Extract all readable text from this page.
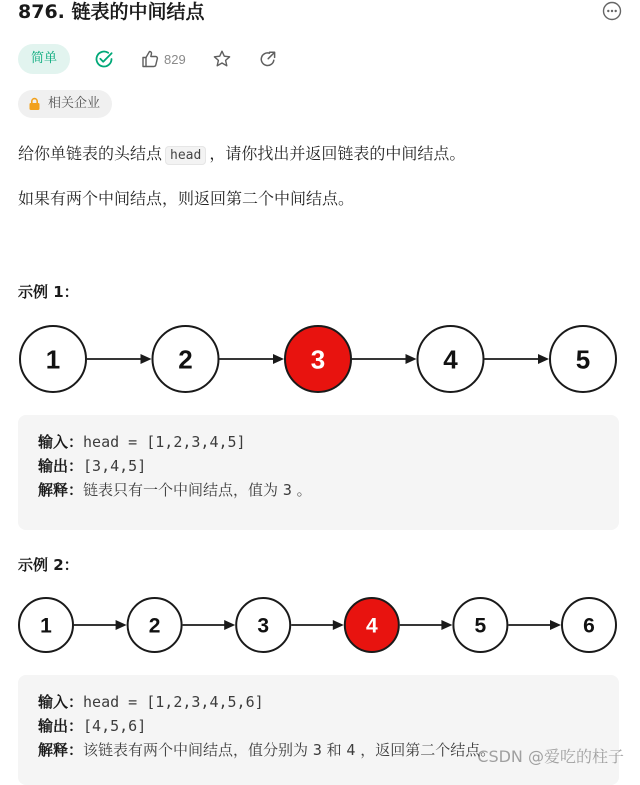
876. 链表的中间结点
简单	829
相关企业
给你单链表的头结点 head ，请你找出并返回链表的中间结点。
如果有两个中间结点，则返回第二个中间结点。
示例 1：
1	2	3	4	5
输入：head = [1,2,3,4,5]
输出：[3,4,5]
解释：链表只有一个中间结点，值为 3 。
示例 2：
1	2	3	4	5	6
输入：head = [1,2,3,4,5,6]
输出：[4,5,6]
解释：该链表有两个中间结点，值分别为 3 和 4 ，返回第二个结点。
CSDN @爱吃的柱子
